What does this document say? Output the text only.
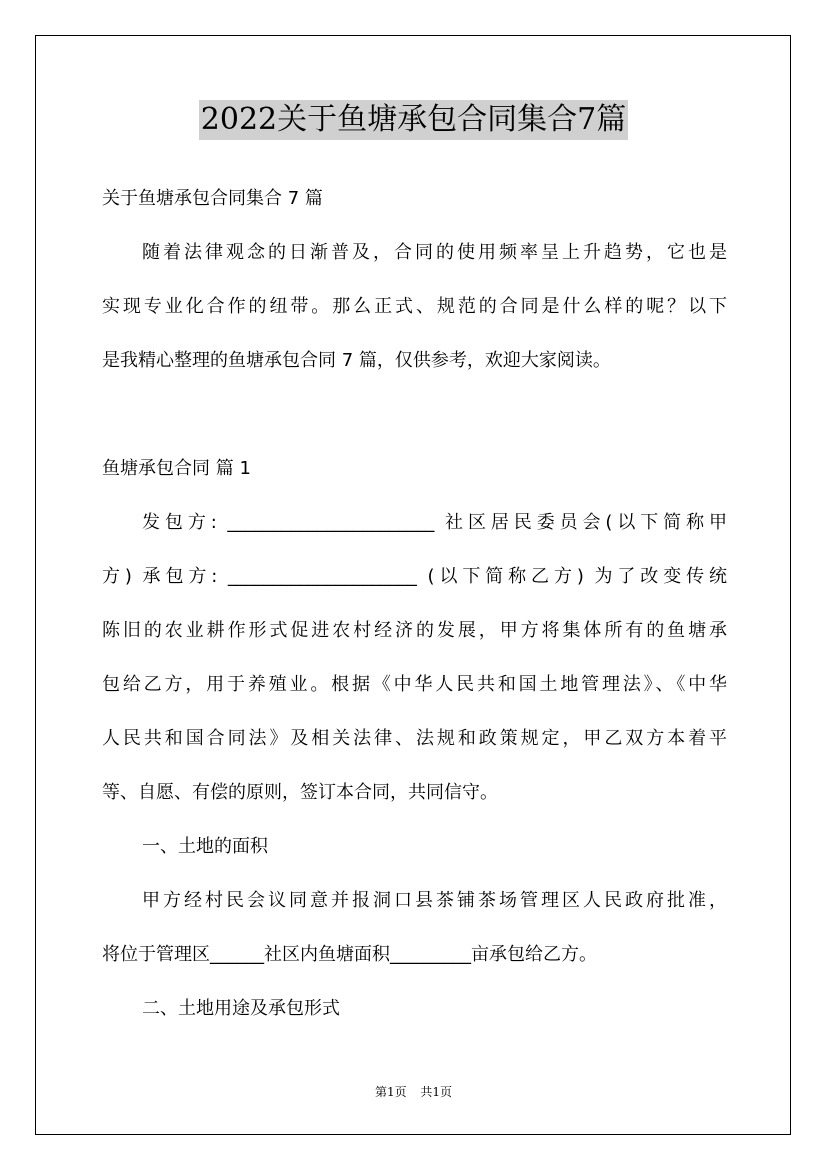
2022关于鱼塘承包合同集合7篇
关于鱼塘承包合同集合 7 篇
随着法律观念的日渐普及，合同的使用频率呈上升趋势，它也是
实现专业化合作的纽带。那么正式、规范的合同是什么样的呢？以下
是我精心整理的鱼塘承包合同 7 篇，仅供参考，欢迎大家阅读。
鱼塘承包合同 篇 1
发包方: _______________________ 社区居民委员会(以下简称甲
方) 承包方: _____________________ (以下简称乙方) 为了改变传统
陈旧的农业耕作形式促进农村经济的发展，甲方将集体所有的鱼塘承
包给乙方，用于养殖业。根据《中华人民共和国土地管理法》、《中华
人民共和国合同法》及相关法律、法规和政策规定，甲乙双方本着平
等、自愿、有偿的原则，签订本合同，共同信守。
一、土地的面积
甲方经村民会议同意并报洞口县茶铺茶场管理区人民政府批准，
将位于管理区______社区内鱼塘面积_________亩承包给乙方。
二、土地用途及承包形式
第1页 共1页
